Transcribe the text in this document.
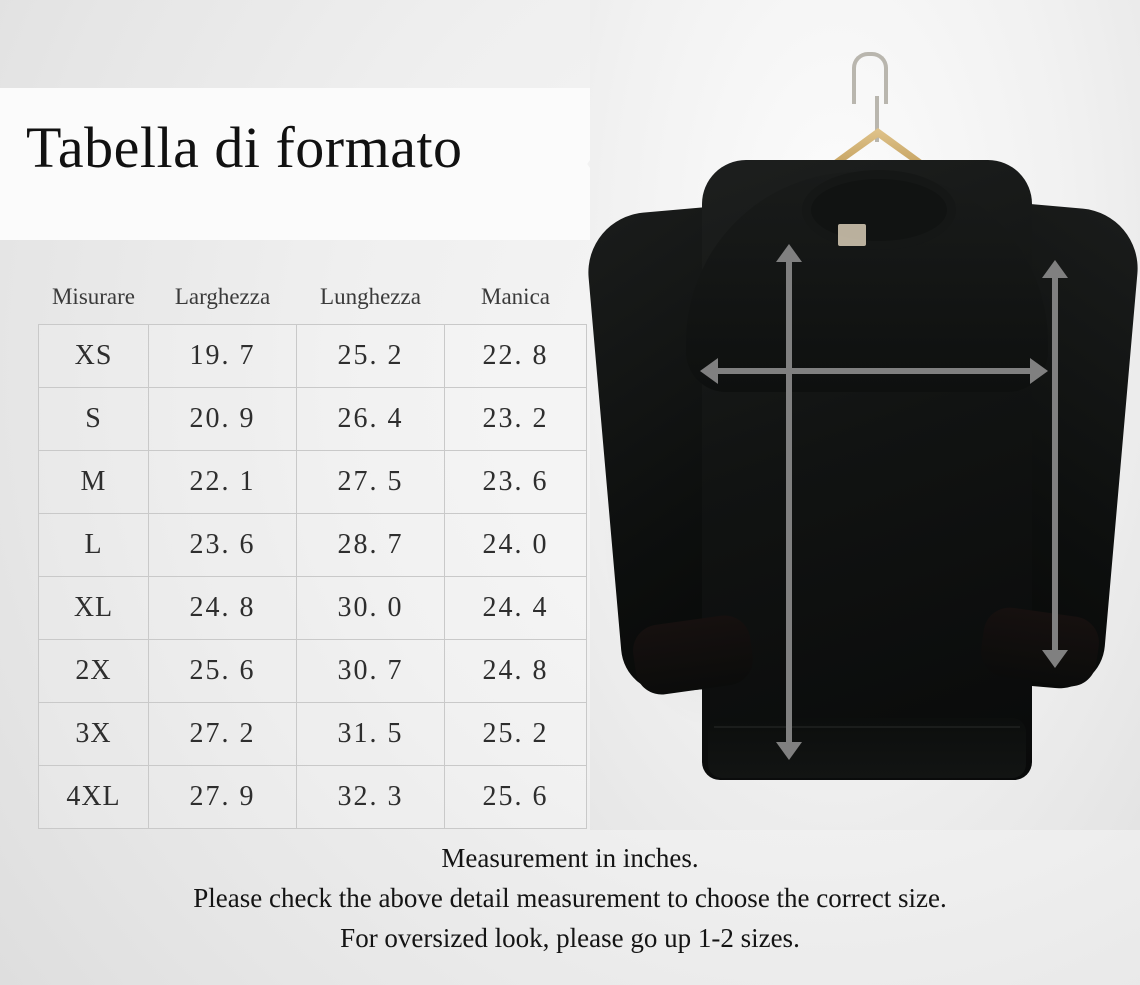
Tabella di formato
Misurare	Larghezza	Lunghezza	Manica
XS	19. 7	25. 2	22. 8
S	20. 9	26. 4	23. 2
M	22. 1	27. 5	23. 6
L	23. 6	28. 7	24. 0
XL	24. 8	30. 0	24. 4
2X	25. 6	30. 7	24. 8
3X	27. 2	31. 5	25. 2
4XL	27. 9	32. 3	25. 6
Measurement in inches.
Please check the above detail measurement to choose the correct size.
For oversized look, please go up 1-2 sizes.
